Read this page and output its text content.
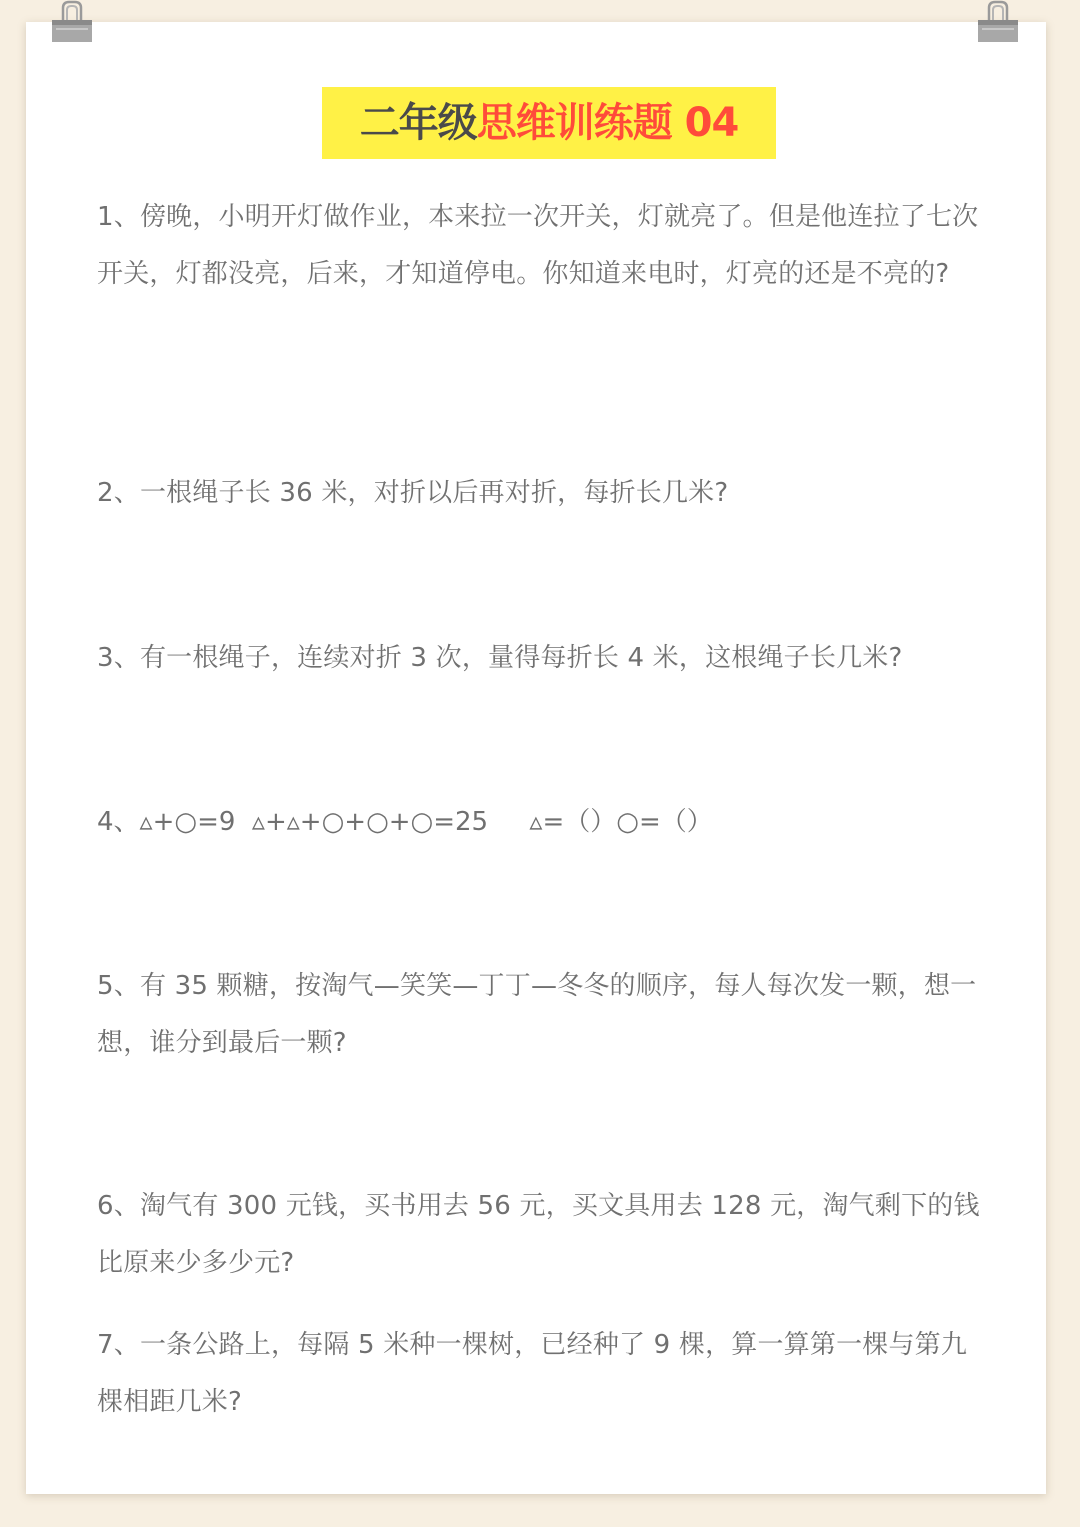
二年级思维训练题 04

1、傍晚，小明开灯做作业，本来拉一次开关，灯就亮了。但是他连拉了七次开关，灯都没亮，后来，才知道停电。你知道来电时，灯亮的还是不亮的?

2、一根绳子长 36 米，对折以后再对折，每折长几米?

3、有一根绳子，连续对折 3 次，量得每折长 4 米，这根绳子长几米?

4、▵+○=9  ▵+▵+○+○+○=25     ▵=（）○=（）

5、有 35 颗糖，按淘气—笑笑—丁丁—冬冬的顺序，每人每次发一颗，想一想，谁分到最后一颗?

6、淘气有 300 元钱，买书用去 56 元，买文具用去 128 元，淘气剩下的钱比原来少多少元?

7、一条公路上，每隔 5 米种一棵树，已经种了 9 棵，算一算第一棵与第九棵相距几米?
